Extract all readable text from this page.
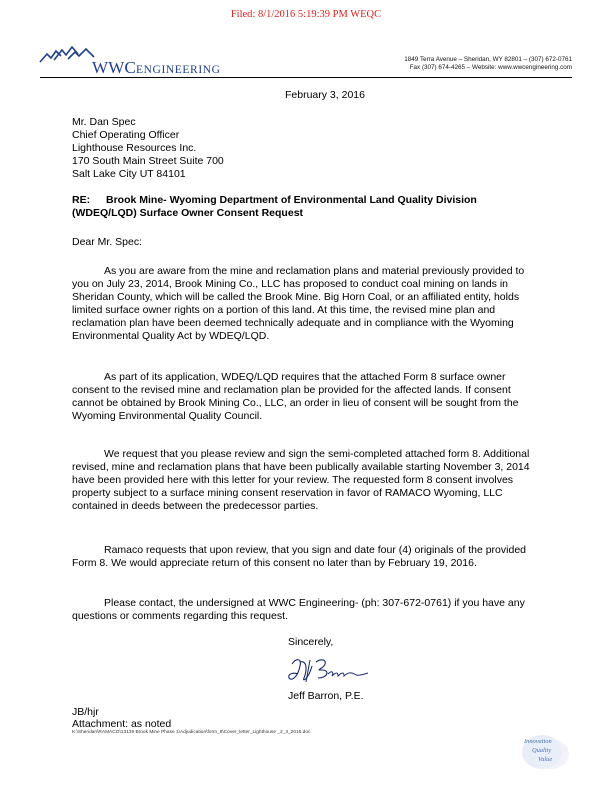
Filed: 8/1/2016 5:19:39 PM WEQC
WWCENGINEERING
1849 Terra Avenue – Sheridan, WY 82801 – (307) 672-0761
Fax (307) 674-4265 – Website: www.wwcengineering.com
February 3, 2016
Mr. Dan Spec
Chief Operating Officer
Lighthouse Resources Inc.
170 South Main Street Suite 700
Salt Lake City UT 84101
RE: Brook Mine- Wyoming Department of Environmental Land Quality Division
(WDEQ/LQD) Surface Owner Consent Request
Dear Mr. Spec:
As you are aware from the mine and reclamation plans and material previously provided to you on July 23, 2014, Brook Mining Co., LLC has proposed to conduct coal mining on lands in Sheridan County, which will be called the Brook Mine. Big Horn Coal, or an affiliated entity, holds limited surface owner rights on a portion of this land. At this time, the revised mine plan and reclamation plan have been deemed technically adequate and in compliance with the Wyoming Environmental Quality Act by WDEQ/LQD.
As part of its application, WDEQ/LQD requires that the attached Form 8 surface owner consent to the revised mine and reclamation plan be provided for the affected lands. If consent cannot be obtained by Brook Mining Co., LLC, an order in lieu of consent will be sought from the Wyoming Environmental Quality Council.
We request that you please review and sign the semi-completed attached form 8. Additional revised, mine and reclamation plans that have been publically available starting November 3, 2014 have been provided here with this letter for your review. The requested form 8 consent involves property subject to a surface mining consent reservation in favor of RAMACO Wyoming, LLC contained in deeds between the predecessor parties.
Ramaco requests that upon review, that you sign and date four (4) originals of the provided Form 8. We would appreciate return of this consent no later than by February 19, 2016.
Please contact, the undersigned at WWC Engineering- (ph: 307-672-0761) if you have any questions or comments regarding this request.
Sincerely,
Jeff Barron, P.E.
JB/hjr
Attachment: as noted
K:\Sheridan\RAMACO\13139 Brook Mine Phase 1\Adjudication\form_8\Cover_letter_Lighthouse _2_3_2016.doc
Innovation
Quality
Value
